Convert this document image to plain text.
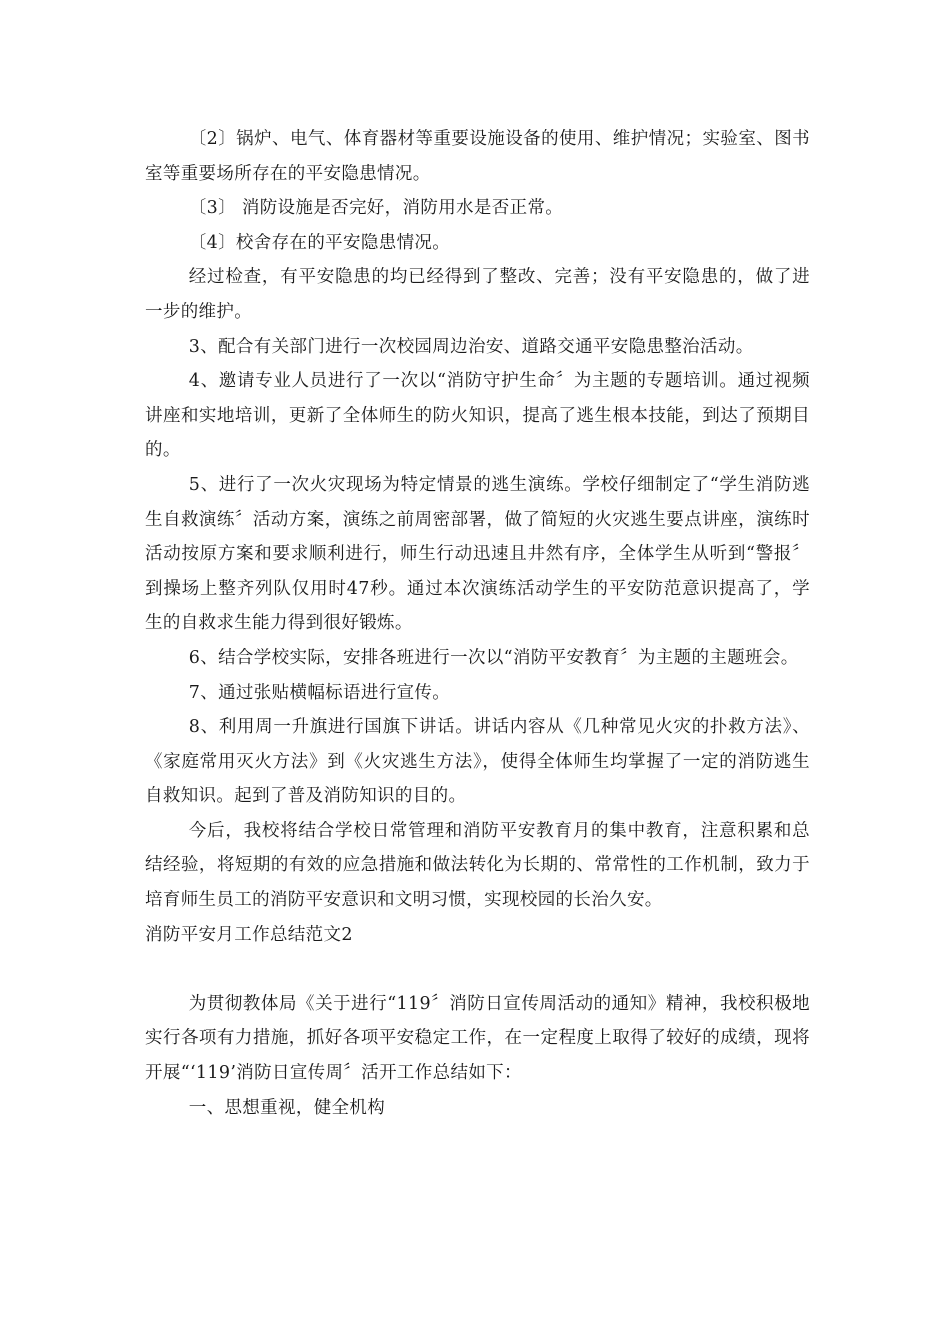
〔2〕锅炉、电气、体育器材等重要设施设备的使用、维护情况；实验室、图书室等重要场所存在的平安隐患情况。

〔3〕 消防设施是否完好，消防用水是否正常。

〔4〕校舍存在的平安隐患情况。

经过检查，有平安隐患的均已经得到了整改、完善；没有平安隐患的，做了进一步的维护。

3、配合有关部门进行一次校园周边治安、道路交通平安隐患整治活动。

4、邀请专业人员进行了一次以“消防守护生命〞为主题的专题培训。通过视频讲座和实地培训，更新了全体师生的防火知识，提高了逃生根本技能，到达了预期目的。

5、进行了一次火灾现场为特定情景的逃生演练。学校仔细制定了“学生消防逃生自救演练〞活动方案，演练之前周密部署，做了简短的火灾逃生要点讲座，演练时活动按原方案和要求顺利进行，师生行动迅速且井然有序，全体学生从听到“警报〞到操场上整齐列队仅用时47秒。通过本次演练活动学生的平安防范意识提高了，学生的自救求生能力得到很好锻炼。

6、结合学校实际，安排各班进行一次以“消防平安教育〞为主题的主题班会。

7、通过张贴横幅标语进行宣传。

8、利用周一升旗进行国旗下讲话。讲话内容从《几种常见火灾的扑救方法》、《家庭常用灭火方法》到《火灾逃生方法》，使得全体师生均掌握了一定的消防逃生自救知识。起到了普及消防知识的目的。

今后，我校将结合学校日常管理和消防平安教育月的集中教育，注意积累和总结经验，将短期的有效的应急措施和做法转化为长期的、常常性的工作机制，致力于培育师生员工的消防平安意识和文明习惯，实现校园的长治久安。

消防平安月工作总结范文2

为贯彻教体局《关于进行“119〞消防日宣传周活动的通知》精神，我校积极地实行各项有力措施，抓好各项平安稳定工作，在一定程度上取得了较好的成绩，现将开展“‘119’消防日宣传周〞活开工作总结如下：

一、思想重视，健全机构
